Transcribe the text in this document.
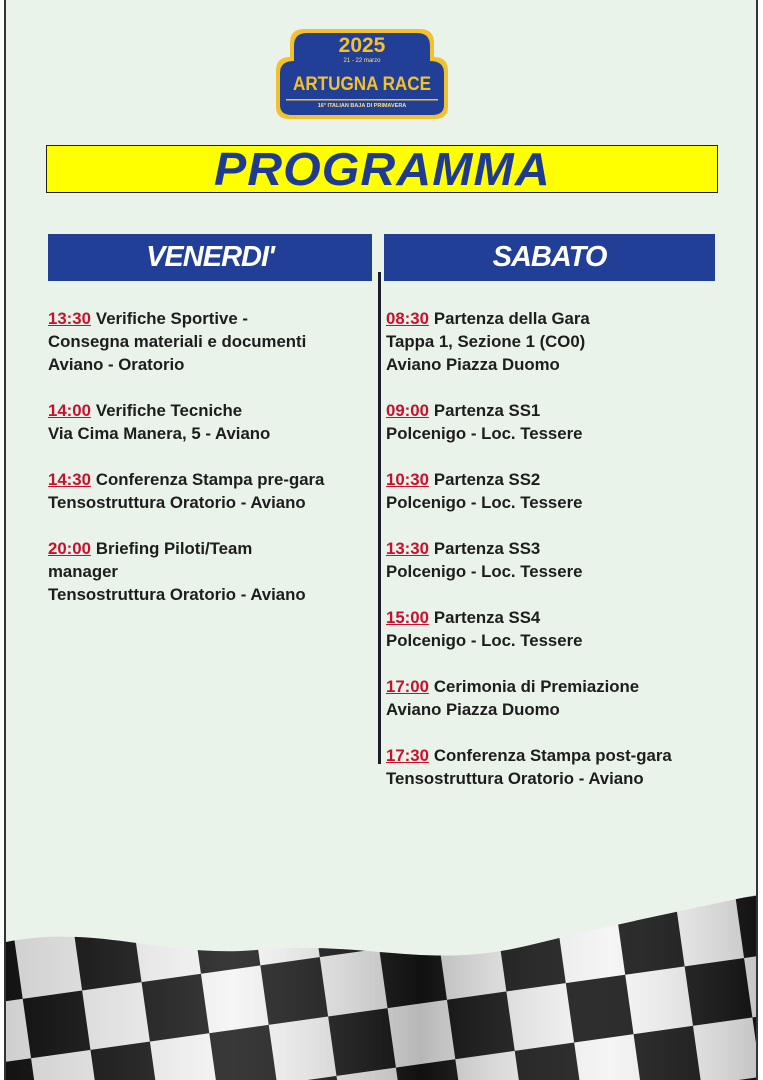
2025
21 - 22 marzo
ARTUGNA RACE
16° ITALIAN BAJA DI PRIMAVERA
PROGRAMMA
VENERDI'	SABATO
13:30 Verifiche Sportive -
Consegna materiali e documenti
Aviano - Oratorio
14:00 Verifiche Tecniche
Via Cima Manera, 5 - Aviano
14:30 Conferenza Stampa pre-gara
Tensostruttura Oratorio - Aviano
20:00 Briefing Piloti/Team
manager
Tensostruttura Oratorio - Aviano
08:30 Partenza della Gara
Tappa 1, Sezione 1 (CO0)
Aviano Piazza Duomo
09:00 Partenza SS1
Polcenigo - Loc. Tessere
10:30 Partenza SS2
Polcenigo - Loc. Tessere
13:30 Partenza SS3
Polcenigo - Loc. Tessere
15:00 Partenza SS4
Polcenigo - Loc. Tessere
17:00 Cerimonia di Premiazione
Aviano Piazza Duomo
17:30 Conferenza Stampa post-gara
Tensostruttura Oratorio - Aviano
